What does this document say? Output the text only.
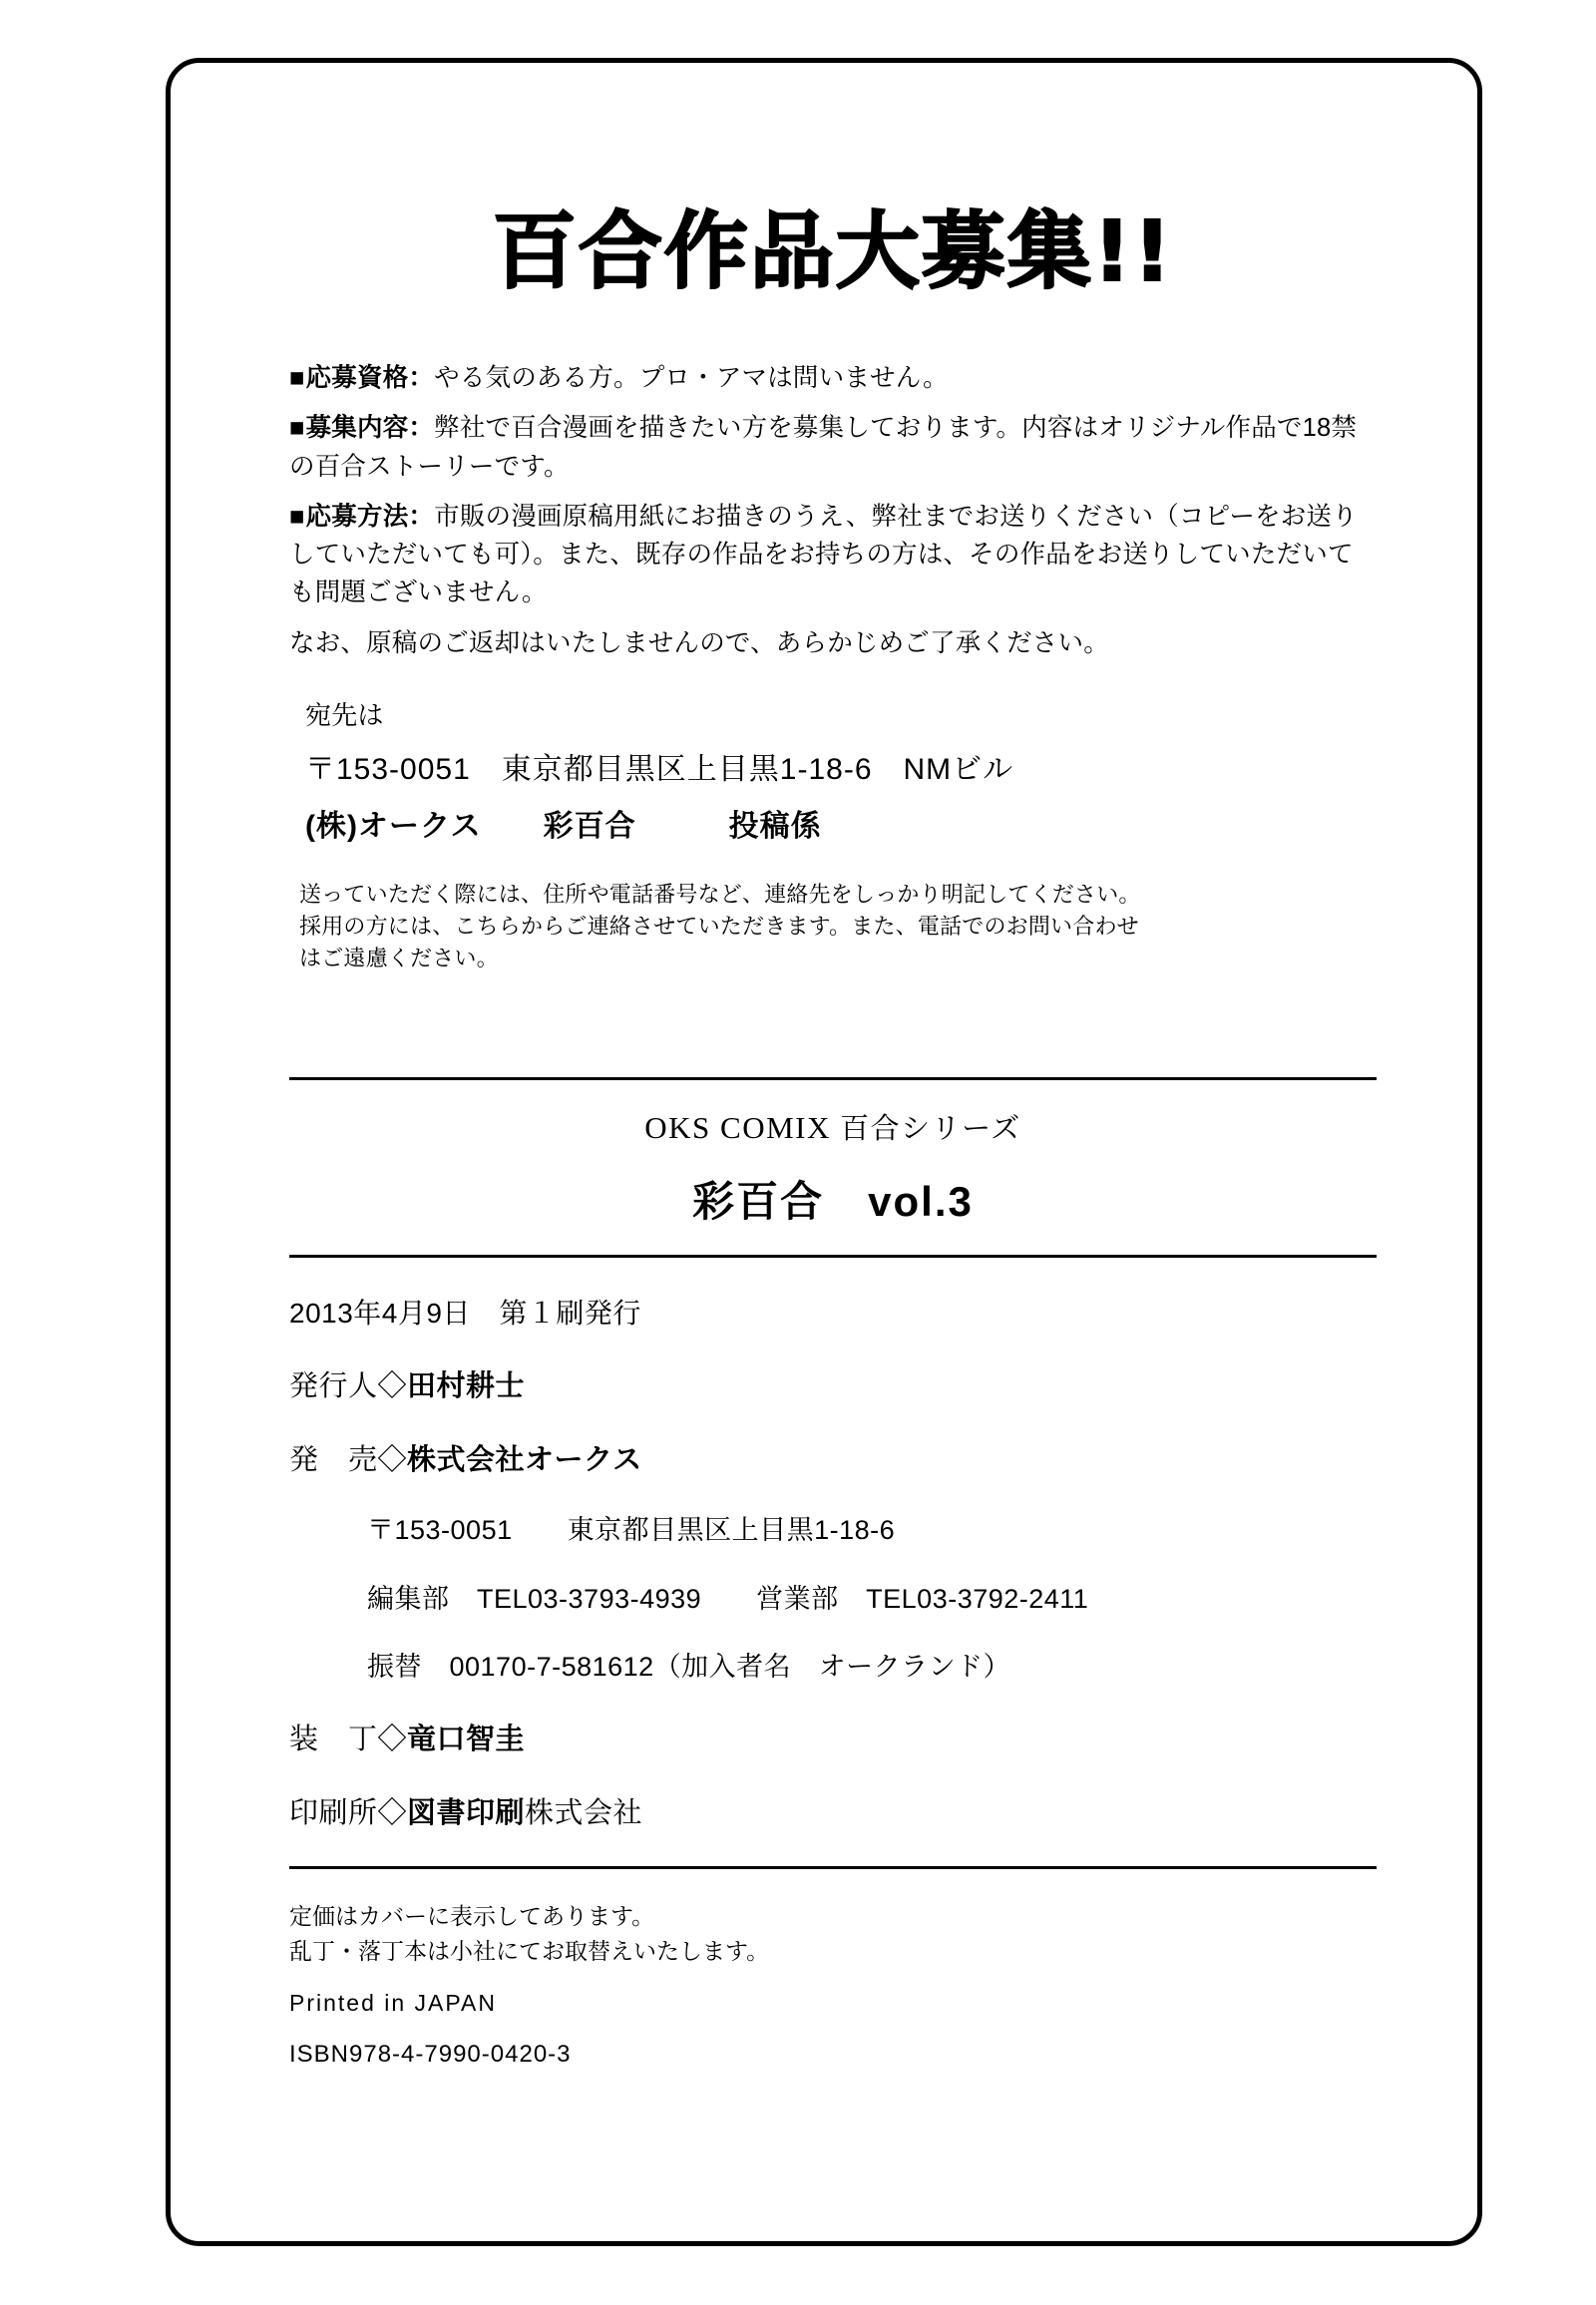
百合作品大募集!!

■ 応募資格：やる気のある方。プロ・アマは問いません。

■ 募集内容：弊社で百合漫画を描きたい方を募集しております。内容はオリジナル作品で18禁の百合ストーリーです。

■ 応募方法：市販の漫画原稿用紙にお描きのうえ、弊社までお送りください（コピーをお送りしていただいても可）。また、既存の作品をお持ちの方は、その作品をお送りしていただいても問題ございません。

なお、原稿のご返却はいたしませんので、あらかじめご了承ください。

宛先は

〒153-0051　東京都目黒区上目黒1-18-6　NMビル

(株)オークス　　彩百合　　　投稿係

送っていただく際には、住所や電話番号など、連絡先をしっかり明記してください。

採用の方には、こちらからご連絡させていただきます。また、電話でのお問い合わせ

はご遠慮ください。

OKS COMIX 百合シリーズ

彩百合　vol.3

2013年4月9日　第１刷発行

発行人◇田村耕士

発　売◇株式会社オークス

〒153-0051　　東京都目黒区上目黒1-18-6

編集部　TEL03-3793-4939　　営業部　TEL03-3792-2411

振替　00170-7-581612（加入者名　オークランド）

装　丁◇竜口智圭

印刷所◇図書印刷株式会社

定価はカバーに表示してあります。

乱丁・落丁本は小社にてお取替えいたします。

Printed in JAPAN

ISBN978-4-7990-0420-3
